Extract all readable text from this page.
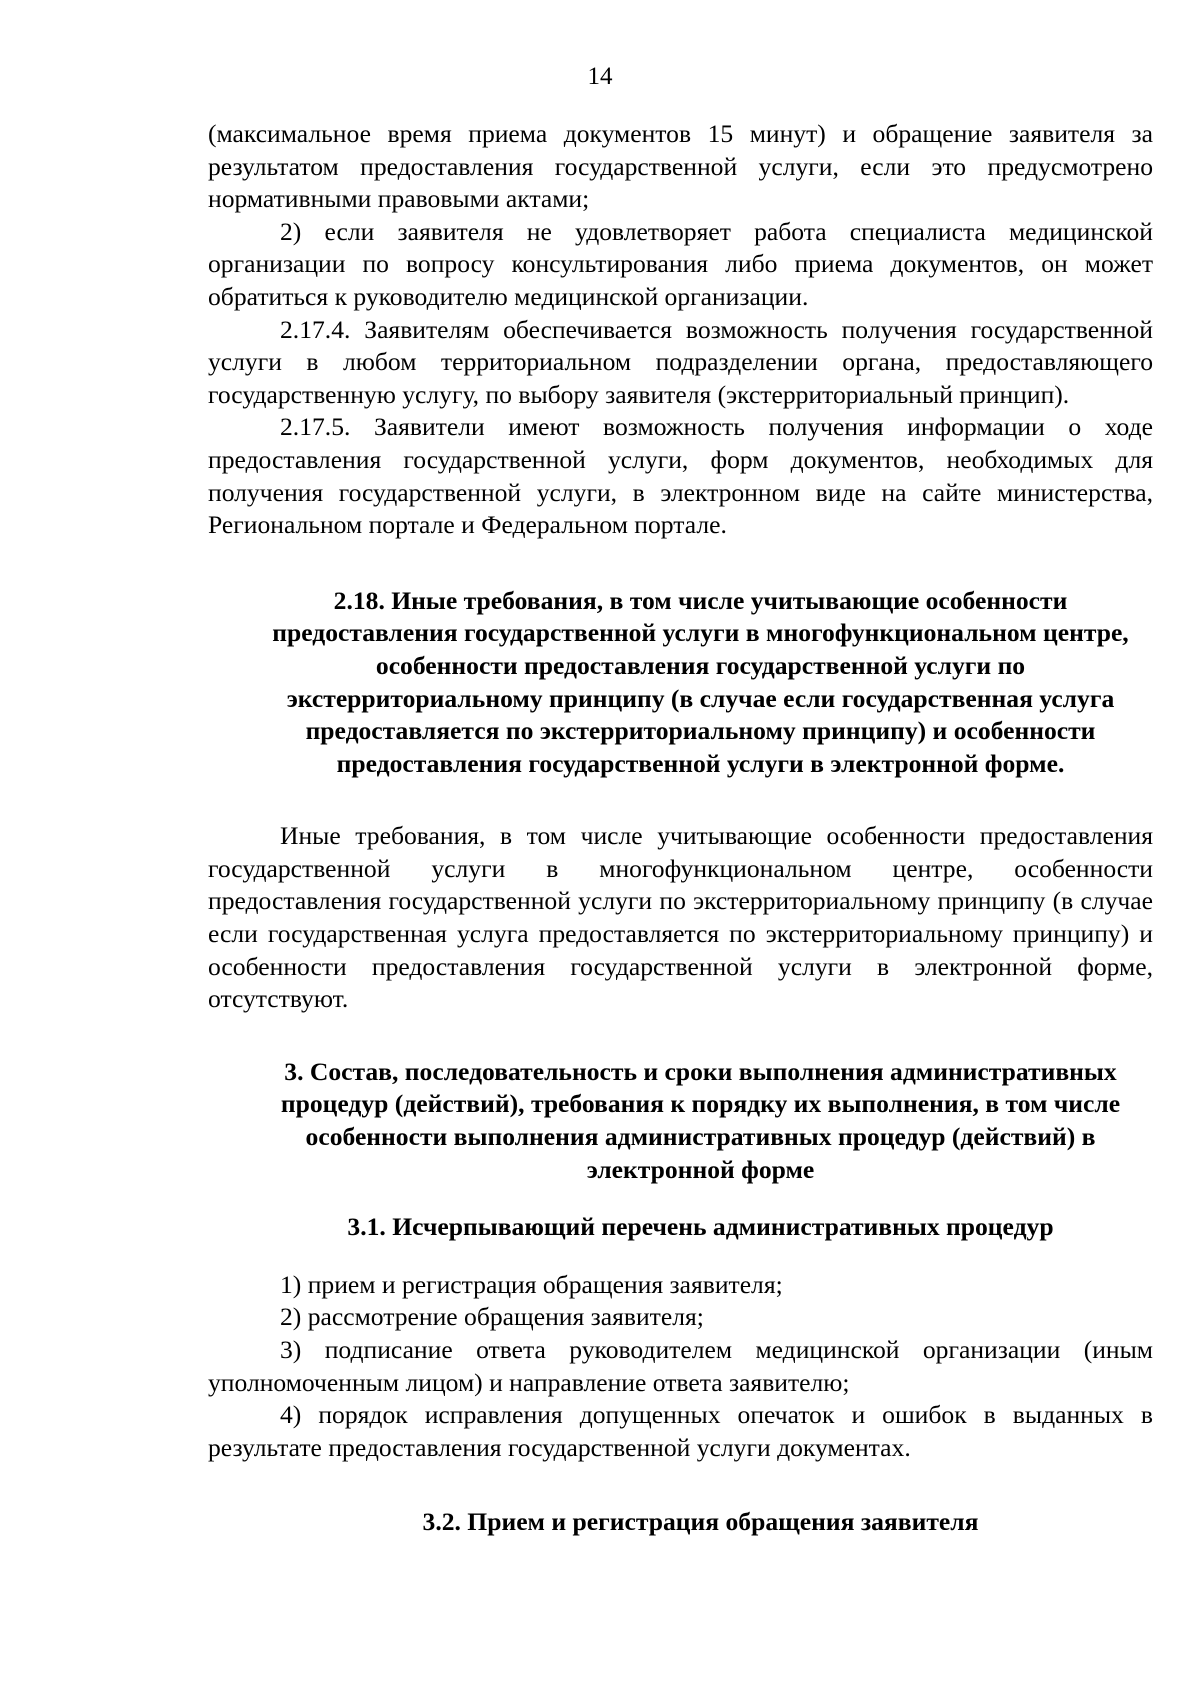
14

(максимальное время приема документов 15 минут) и обращение заявителя за результатом предоставления государственной услуги, если это предусмотрено нормативными правовыми актами;

2) если заявителя не удовлетворяет работа специалиста медицинской организации по вопросу консультирования либо приема документов, он может обратиться к руководителю медицинской организации.

2.17.4. Заявителям обеспечивается возможность получения государственной услуги в любом территориальном подразделении органа, предоставляющего государственную услугу, по выбору заявителя (экстерриториальный принцип).

2.17.5. Заявители имеют возможность получения информации о ходе предоставления государственной услуги, форм документов, необходимых для получения государственной услуги, в электронном виде на сайте министерства, Региональном портале и Федеральном портале.

2.18. Иные требования, в том числе учитывающие особенности предоставления государственной услуги в многофункциональном центре, особенности предоставления государственной услуги по экстерриториальному принципу (в случае если государственная услуга предоставляется по экстерриториальному принципу) и особенности предоставления государственной услуги в электронной форме.

Иные требования, в том числе учитывающие особенности предоставления государственной услуги в многофункциональном центре, особенности предоставления государственной услуги по экстерриториальному принципу (в случае если государственная услуга предоставляется по экстерриториальному принципу) и особенности предоставления государственной услуги в электронной форме, отсутствуют.

3. Состав, последовательность и сроки выполнения административных процедур (действий), требования к порядку их выполнения, в том числе особенности выполнения административных процедур (действий) в электронной форме
3.1. Исчерпывающий перечень административных процедур

1) прием и регистрация обращения заявителя;

2) рассмотрение обращения заявителя;

3) подписание ответа руководителем медицинской организации (иным уполномоченным лицом) и направление ответа заявителю;

4) порядок исправления допущенных опечаток и ошибок в выданных в результате предоставления государственной услуги документах.

3.2. Прием и регистрация обращения заявителя
